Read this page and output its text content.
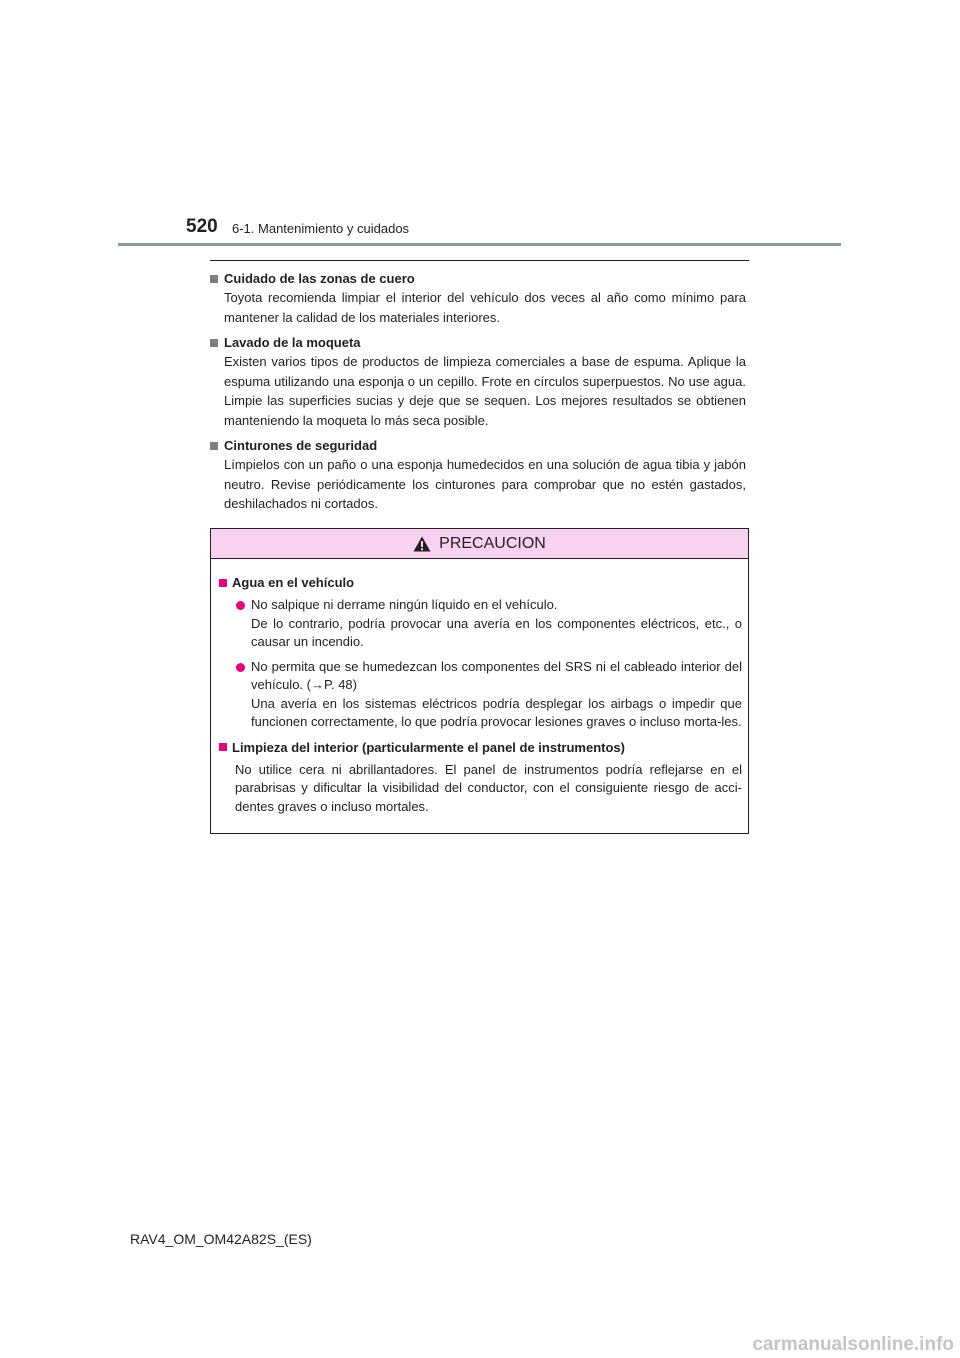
520 6-1. Mantenimiento y cuidados
Cuidado de las zonas de cuero
Toyota recomienda limpiar el interior del vehículo dos veces al año como mínimo para mantener la calidad de los materiales interiores.
Lavado de la moqueta
Existen varios tipos de productos de limpieza comerciales a base de espuma. Aplique la espuma utilizando una esponja o un cepillo. Frote en círculos superpuestos. No use agua. Limpie las superficies sucias y deje que se sequen. Los mejores resultados se obtienen manteniendo la moqueta lo más seca posible.
Cinturones de seguridad
Límpielos con un paño o una esponja humedecidos en una solución de agua tibia y jabón neutro. Revise periódicamente los cinturones para comprobar que no estén gastados, deshilachados ni cortados.
PRECAUCION
Agua en el vehículo
No salpique ni derrame ningún líquido en el vehículo.
De lo contrario, podría provocar una avería en los componentes eléctricos, etc., o causar un incendio.
No permita que se humedezcan los componentes del SRS ni el cableado interior del vehículo. (→P. 48)
Una avería en los sistemas eléctricos podría desplegar los airbags o impedir que funcionen correctamente, lo que podría provocar lesiones graves o incluso morta-les.
Limpieza del interior (particularmente el panel de instrumentos)
No utilice cera ni abrillantadores. El panel de instrumentos podría reflejarse en el parabrisas y dificultar la visibilidad del conductor, con el consiguiente riesgo de acci-dentes graves o incluso mortales.
RAV4_OM_OM42A82S_(ES)
carmanualsonline.info
